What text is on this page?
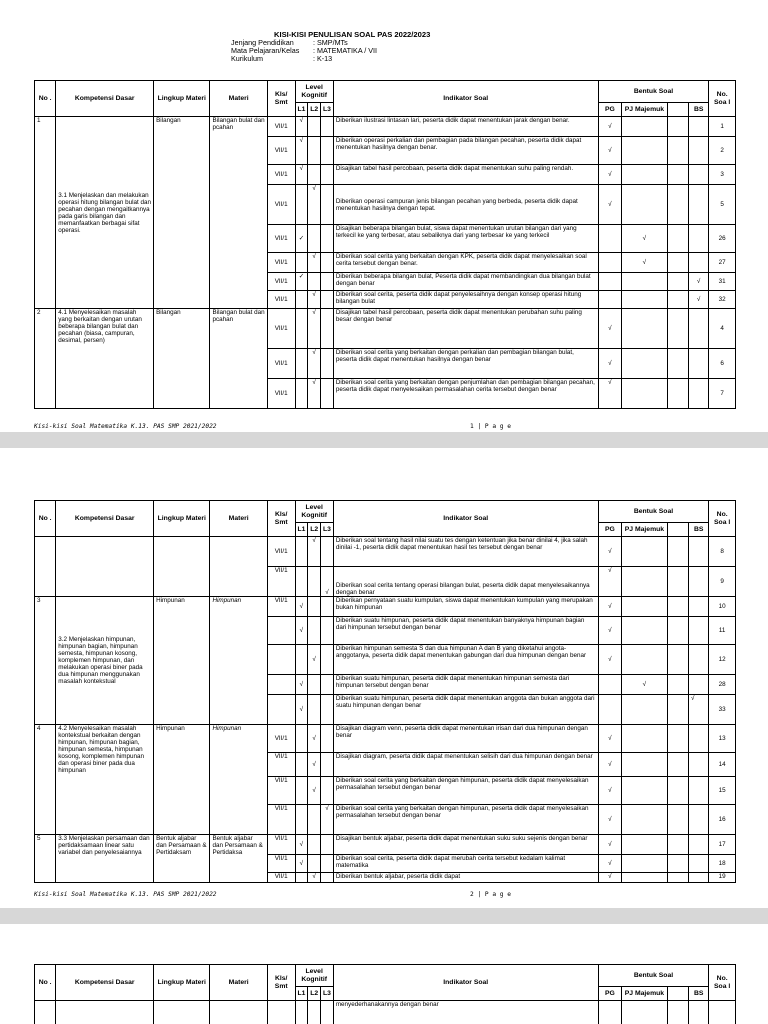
KISI-KISI PENULISAN SOAL PAS 2022/2023
Jenjang Pendidikan	: SMP/MTs
Mata Pelajaran/Kelas : MATEMATIKA / VII
Kurikulum	: K-13
No .	Kompetensi Dasar	Lingkup Materi	Materi	Kls/ Smt	Level Kognitif			Indikator Soal	Bentuk Soal				No. Soa l
					L1	L2	L3		PG	PJ Majemuk		BS	
1	3.1 Menjelaskan dan melakukan operasi hitung bilangan bulat dan pecahan dengan mengaitkannya pada garis bilangan dan memanfaatkan berbagai sifat operasi.	Bilangan	Bilangan bulat dan pcahan	VII/1	√			Diberikan ilustrasi lintasan lari, peserta didik dapat menentukan jarak dengan benar.	√				1
				VII/1	√			Diberikan operasi perkalian dan pembagian pada bilangan pecahan, peserta didik dapat menentukan hasilnya dengan benar.	√				2
				VII/1	√			Disajikan tabel hasil percobaan, peserta didik dapat menentukan suhu paling rendah.	√				3
				VII/1		√		Diberikan operasi campuran jenis bilangan pecahan yang berbeda, peserta didik dapat menentukan hasilnya dengan tepat.	√				5
				VII/1	✓			Disajikan beberapa bilangan bulat, siswa dapat menentukan urutan bilangan dari yang terkecil ke yang terbesar, atau sebaliknya dari yang terbesar ke yang terkecil		√			26
				VII/1		√		Diberikan soal cerita yang berkaitan dengan KPK, peserta didik dapat menyelesaikan soal cerita tersebut dengan benar.		√			27
				VII/1	✓			Diberikan beberapa bilangan bulat, Peserta didik dapat membandingkan dua bilangan bulat dengan benar				√	31
				VII/1		√		Diberikan soal cerita, peserta didik dapat penyelesaihnya dengan konsep operasi hitung bilangan bulat				√	32
2	4.1 Menyelesaikan masalah yang berkaitan dengan urutan beberapa bilangan bulat dan pecahan (biasa, campuran, desimal, persen)	Bilangan	Bilangan bulat dan pcahan	VII/1		√		Disajikan tabel hasil percobaan, peserta didik dapat menentukan perubahan suhu paling besar dengan benar	√				4
				VII/1		√		Diberikan soal cerita yang berkaitan dengan perkalian dan pembagian bilangan bulat, peserta didik dapat menentukan hasilnya dengan benar	√				6
				VII/1		√		Diberikan soal cerita yang berkaitan dengan penjumlahan dan pembagian bilangan pecahan, peserta didik dapat menyelesaikan permasalahan cerita tersebut dengan benar	√				7
Kisi-kisi Soal Matematika K.13. PAS SMP 2021/2022	1 | P a g e
No .	Kompetensi Dasar	Lingkup Materi	Materi	Kls/ Smt	Level Kognitif			Indikator Soal	Bentuk Soal				No. Soa l
					L1	L2	L3		PG	PJ Majemuk		BS	
				VII/1		√		Diberikan soal tentang hasil nilai suatu tes dengan ketentuan jika benar dinilai 4, jika salah dinilai -1, peserta didik dapat menentukan hasil tes tersebut dengan benar	√				8
				VII/1			√	Diberikan soal cerita tentang operasi bilangan bulat, peserta didik dapat menyelesaikannya dengan benar	√				9
3	3.2 Menjelaskan himpunan, himpunan bagian, himpunan semesta, himpunan kosong, komplemen himpunan, dan melakukan operasi biner pada dua himpunan menggunakan masalah kontekstual	Himpunan	Himpunan	VII/1	√			Diberikan pernyataan suatu kumpulan, siswa dapat menentukan kumpulan yang merupakan bukan himpunan	√				10
					√			Diberikan suatu himpunan, peserta didik dapat menentukan banyaknya himpunan bagian dari himpunan tersebut dengan benar	√				11
						√		Diberikan himpunan semesta S dan dua himpunan A dan B yang diketahui angota-anggotanya, peserta didik dapat menentukan gabungan dari dua himpunan dengan benar	√				12
					√			Diberikan suatu himpunan, peserta didik dapat menentukan himpunan semesta dari himpunan tersebut dengan benar		√			28
					√			Diberikan suatu himpunan, peserta didik dapat menentukan anggota dan bukan anggota dari suatu himpunan dengan benar				√	33
4	4.2 Menyelesaikan masalah kontekstual berkaitan dengan himpunan, himpunan bagian, himpunan semesta, himpunan kosong, komplemen himpunan dan operasi biner pada dua himpunan	Himpunan	Himpunan	VII/1		√		Disajikan diagram venn, peserta didik dapat menentukan irisan dari dua himpunan dengan benar	√				13
				VII/1		√		Disajikan diagram, peserta didik dapat menentukan selisih dari dua himpunan dengan benar	√				14
				VII/1		√		Diberikan soal cerita yang berkaitan dengan himpunan, peserta didik dapat menyelesaikan permasalahan tersebut dengan benar	√				15
				VII/1			√	Diberikan soal cerita yang berkaitan dengan himpunan, peserta didik dapat menyelesaikan permasalahan tersebut dengan benar	√				16
5	3.3 Menjelaskan persamaan dan pertidaksamaan linear satu variabel dan penyelesaiannya	Bentuk aljabar dan Persamaan & Pertidaksam	Bentuk aljabar dan Persamaan & Pertidaksa	VII/1	√			Disajikan bentuk aljabar, peserta didik dapat menentukan suku suku sejenis dengan benar	√				17
				VII/1	√			Diberikan soal cerita, peserta didik dapat merubah cerita tersebut kedalam kalimat matematika	√				18
				VII/1		√		Diberikan bentuk aljabar, peserta didik dapat	√				19
Kisi-kisi Soal Matematika K.13. PAS SMP 2021/2022	2 | P a g e
No .	Kompetensi Dasar	Lingkup Materi	Materi	Kls/ Smt	Level Kognitif			Indikator Soal	Bentuk Soal				No. Soa l
					L1	L2	L3		PG	PJ Majemuk		BS	
								menyederhanakannya dengan benar					
